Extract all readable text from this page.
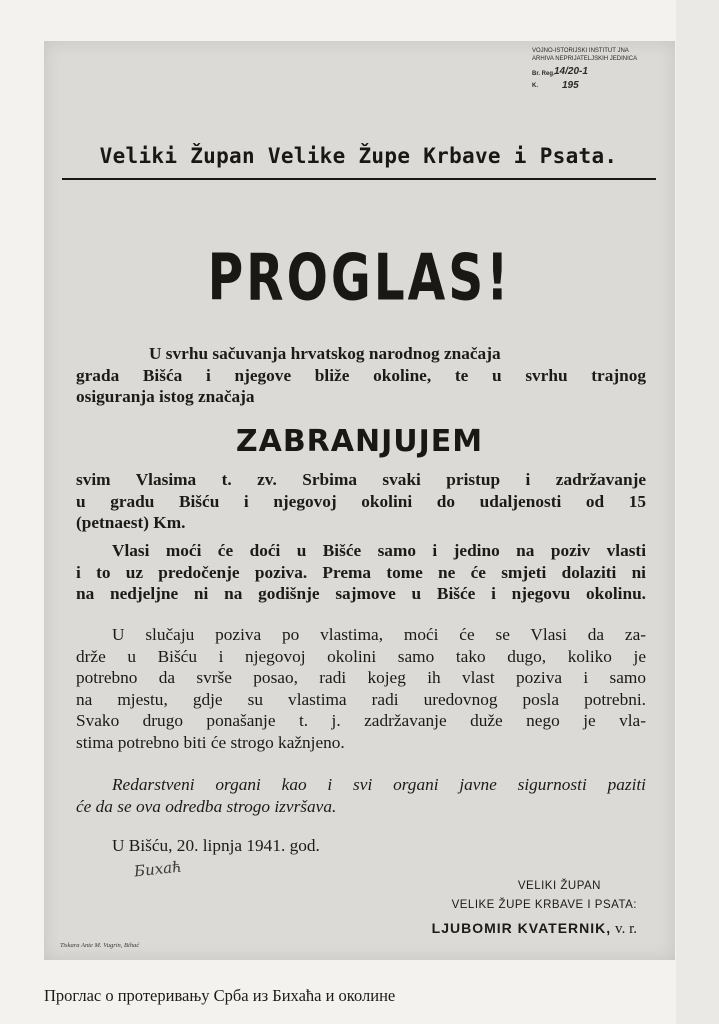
VOJNO-ISTORIJSKI INSTITUT JNA
ARHIVA NEPRIJATELJSKIH JEDINICA
Br. Reg. 14/20-1
K. 195
Veliki Župan Velike Župe Krbave i Psata.
PROGLAS!
U svrhu sačuvanja hrvatskog narodnog značaja
grada Bišća i njegove bliže okoline, te u svrhu trajnog
osiguranja istog značaja
ZABRANJUJEM
svim Vlasima t. zv. Srbima svaki pristup i zadržavanje
u gradu Bišću i njegovoj okolini do udaljenosti od 15
(petnaest) Km.
Vlasi moći će doći u Bišće samo i jedino na poziv vlasti
i to uz predočenje poziva. Prema tome ne će smjeti dolaziti ni
na nedjeljne ni na godišnje sajmove u Bišće i njegovu okolinu.
U slučaju poziva po vlastima, moći će se Vlasi da za-
drže u Bišću i njegovoj okolini samo tako dugo, koliko je
potrebno da svrše posao, radi kojeg ih vlast poziva i samo
na mjestu, gdje su vlastima radi uredovnog posla potrebni.
Svako drugo ponašanje t. j. zadržavanje duže nego je vla-
stima potrebno biti će strogo kažnjeno.
Redarstveni organi kao i svi organi javne sigurnosti paziti
će da se ova odredba strogo izvršava.
U Bišću, 20. lipnja 1941. god.
Бихаћ
VELIKI ŽUPAN
VELIKE ŽUPE KRBAVE I PSATA:
LJUBOMIR KVATERNIK, v. r.
Tiskara Ante M. Vugrin, Bihać
Проглас о протеривању Срба из Бихаћа и околине
